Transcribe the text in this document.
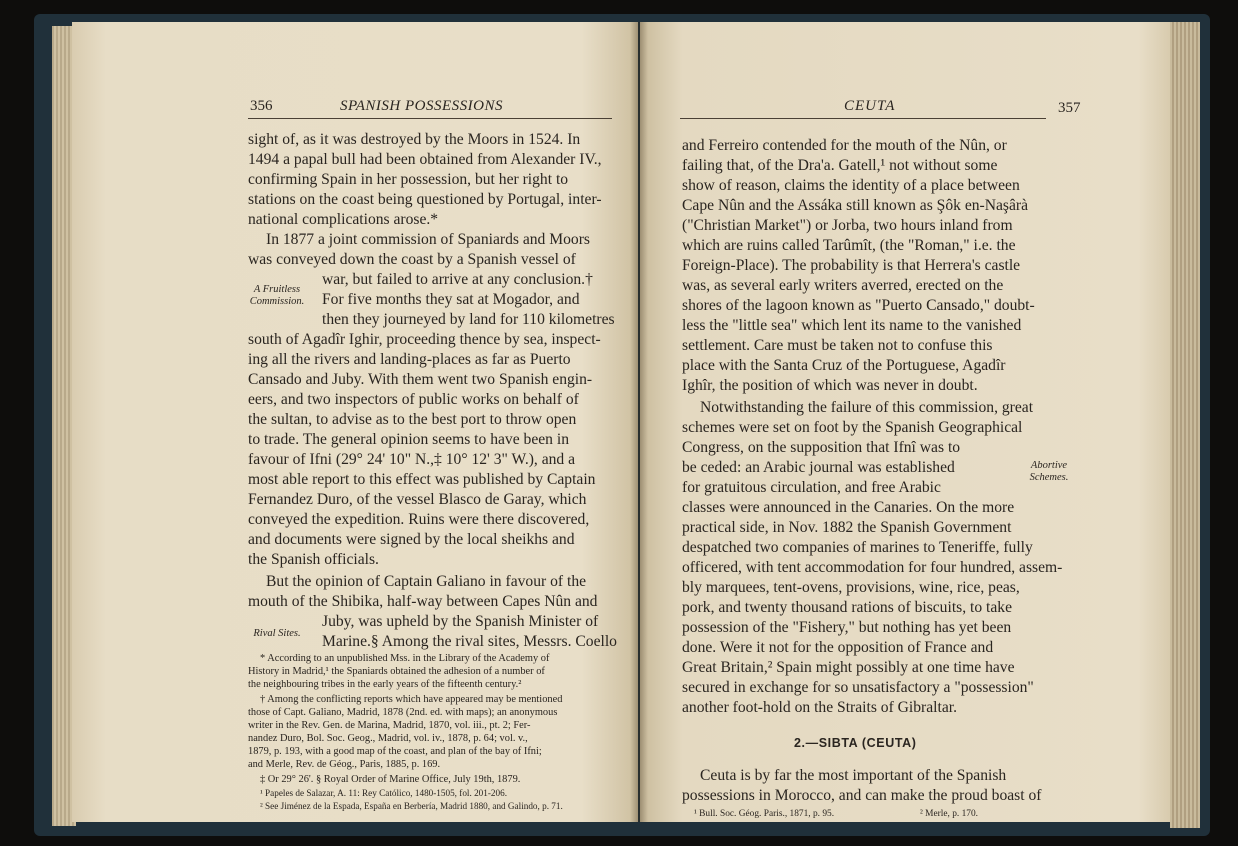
356	SPANISH POSSESSIONS
sight of, as it was destroyed by the Moors in 1524. In
1494 a papal bull had been obtained from Alexander IV.,
confirming Spain in her possession, but her right to
stations on the coast being questioned by Portugal, inter-
national complications arose.*
In 1877 a joint commission of Spaniards and Moors
was conveyed down the coast by a Spanish vessel of
war, but failed to arrive at any conclusion.†
For five months they sat at Mogador, and
then they journeyed by land for 110 kilometres
south of Agadîr Ighir, proceeding thence by sea, inspect-
ing all the rivers and landing-places as far as Puerto
Cansado and Juby. With them went two Spanish engin-
eers, and two inspectors of public works on behalf of
the sultan, to advise as to the best port to throw open
to trade. The general opinion seems to have been in
favour of Ifni (29° 24' 10" N.,‡ 10° 12' 3" W.), and a
most able report to this effect was published by Captain
Fernandez Duro, of the vessel Blasco de Garay, which
conveyed the expedition. Ruins were there discovered,
and documents were signed by the local sheikhs and
the Spanish officials.
But the opinion of Captain Galiano in favour of the
mouth of the Shibika, half-way between Capes Nûn and
Juby, was upheld by the Spanish Minister of
Marine.§ Among the rival sites, Messrs. Coello
A Fruitless
Commission.
Rival Sites.
* According to an unpublished Mss. in the Library of the Academy of
History in Madrid,¹ the Spaniards obtained the adhesion of a number of
the neighbouring tribes in the early years of the fifteenth century.²
† Among the conflicting reports which have appeared may be mentioned
those of Capt. Galiano, Madrid, 1878 (2nd. ed. with maps); an anonymous
writer in the Rev. Gen. de Marina, Madrid, 1870, vol. iii., pt. 2; Fer-
nandez Duro, Bol. Soc. Geog., Madrid, vol. iv., 1878, p. 64; vol. v.,
1879, p. 193, with a good map of the coast, and plan of the bay of Ifni;
and Merle, Rev. de Géog., Paris, 1885, p. 169.
‡ Or 29° 26'. § Royal Order of Marine Office, July 19th, 1879.
¹ Papeles de Salazar, A. 11: Rey Católico, 1480-1505, fol. 201-206.
² See Jiménez de la Espada, España en Berbería, Madrid 1880, and Galindo, p. 71.
CEUTA	357
and Ferreiro contended for the mouth of the Nûn, or
failing that, of the Dra'a. Gatell,¹ not without some
show of reason, claims the identity of a place between
Cape Nûn and the Assáka still known as Şôk en-Naşârà
("Christian Market") or Jorba, two hours inland from
which are ruins called Tarûmît, (the "Roman," i.e. the
Foreign-Place). The probability is that Herrera's castle
was, as several early writers averred, erected on the
shores of the lagoon known as "Puerto Cansado," doubt-
less the "little sea" which lent its name to the vanished
settlement. Care must be taken not to confuse this
place with the Santa Cruz of the Portuguese, Agadîr
Ighîr, the position of which was never in doubt.
Notwithstanding the failure of this commission, great
schemes were set on foot by the Spanish Geographical
Congress, on the supposition that Ifnî was to
be ceded: an Arabic journal was established
for gratuitous circulation, and free Arabic
classes were announced in the Canaries. On the more
practical side, in Nov. 1882 the Spanish Government
despatched two companies of marines to Teneriffe, fully
officered, with tent accommodation for four hundred, assem-
bly marquees, tent-ovens, provisions, wine, rice, peas,
pork, and twenty thousand rations of biscuits, to take
possession of the "Fishery," but nothing has yet been
done. Were it not for the opposition of France and
Great Britain,² Spain might possibly at one time have
secured in exchange for so unsatisfactory a "possession"
another foot-hold on the Straits of Gibraltar.
Abortive
Schemes.
2.—SIBTA (CEUTA)
Ceuta is by far the most important of the Spanish
possessions in Morocco, and can make the proud boast of
¹ Bull. Soc. Géog. Paris., 1871, p. 95.	² Merle, p. 170.
